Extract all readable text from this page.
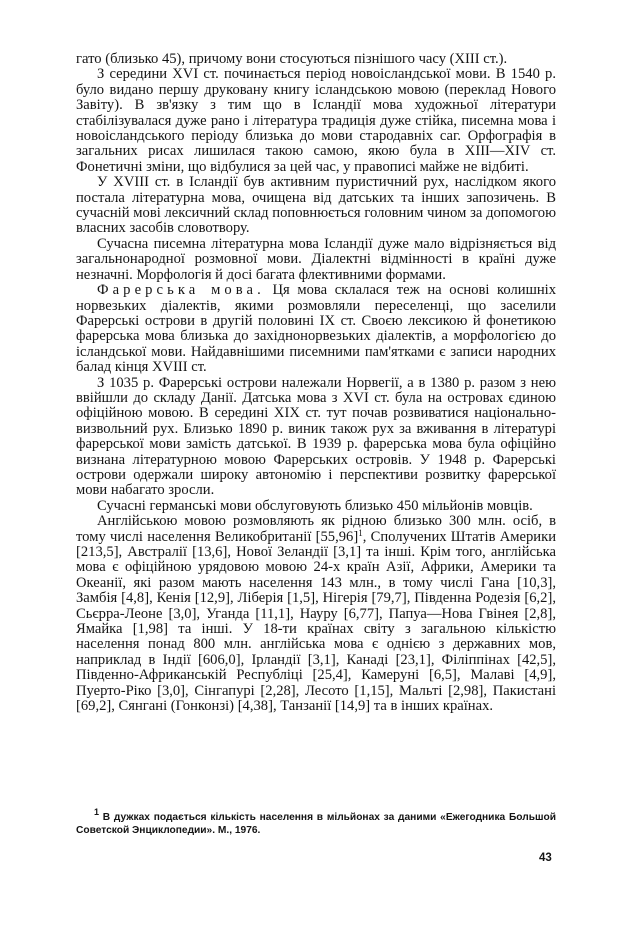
гато (близько 45), причому вони стосуються пізнішого часу (XIII ст.).

З середини XVI ст. починається період новоісландської мови. В 1540 р. було видано першу друковану книгу ісландською мовою (переклад Нового Завіту). В зв'язку з тим що в Ісландії мова художньої літератури стабілізувалася дуже рано і література традиція дуже стійка, писемна мова і новоісландського періоду близька до мови стародавніх саг. Орфографія в загальних рисах лишилася такою самою, якою була в XIII—XIV ст. Фонетичні зміни, що відбулися за цей час, у правописі майже не відбиті.

У XVIII ст. в Ісландії був активним пуристичний рух, наслідком якого постала літературна мова, очищена від датських та інших запозичень. В сучасній мові лексичний склад поповнюється головним чином за допомогою власних засобів словотвору.

Сучасна писемна літературна мова Ісландії дуже мало відрізняється від загальнонародної розмовної мови. Діалектні відмінності в країні дуже незначні. Морфологія й досі багата флективними формами.

Фарерська мова. Ця мова склалася теж на основі колишніх норвезьких діалектів, якими розмовляли переселенці, що заселили Фарерські острови в другій половині IX ст. Своєю лексикою й фонетикою фарерська мова близька до західнонорвезьких діалектів, а морфологією до ісландської мови. Найдавнішими писемними пам'ятками є записи народних балад кінця XVIII ст.

З 1035 р. Фарерські острови належали Норвегії, а в 1380 р. разом з нею ввійшли до складу Данії. Датська мова з XVI ст. була на островах єдиною офіційною мовою. В середині XIX ст. тут почав розвиватися національно-визвольний рух. Близько 1890 р. виник також рух за вживання в літературі фарерської мови замість датської. В 1939 р. фарерська мова була офіційно визнана літературною мовою Фарерських островів. У 1948 р. Фарерські острови одержали широку автономію і перспективи розвитку фарерської мови набагато зросли.

Сучасні германські мови обслуговують близько 450 мільйонів мовців.

Англійською мовою розмовляють як рідною близько 300 млн. осіб, в тому числі населення Великобританії $[55,96]^1$, Сполучених Штатів Америки [213,5], Австралії [13,6], Нової Зеландії [3,1] та інші. Крім того, англійська мова є офіційною урядовою мовою 24-х країн Азії, Африки, Америки та Океанії, які разом мають населення 143 млн., в тому числі Гана [10,3], Замбія [4,8], Кенія [12,9], Ліберія [1,5], Нігерія [79,7], Південна Родезія [6,2], Сьєрра-Леоне [3,0], Уганда [11,1], Науру [6,77], Папуа—Нова Гвінея [2,8], Ямайка [1,98] та інші. У 18-ти країнах світу з загальною кількістю населення понад 800 млн. англійська мова є однією з державних мов, наприклад в Індії [606,0], Ірландії [3,1], Канаді [23,1], Філіппінах [42,5], Південно-Африканській Республіці [25,4], Камеруні [6,5], Малаві [4,9], Пуерто-Ріко [3,0], Сінгапурі [2,28], Лесото [1,15], Мальті [2,98], Пакистані [69,2], Сянгані (Гонконзі) [4,38], Танзанії [14,9] та в інших країнах.

$^1$ В дужках подається кількість населення в мільйонах за даними «Ежегодника Большой Советской Энциклопедии». М., 1976.

43
